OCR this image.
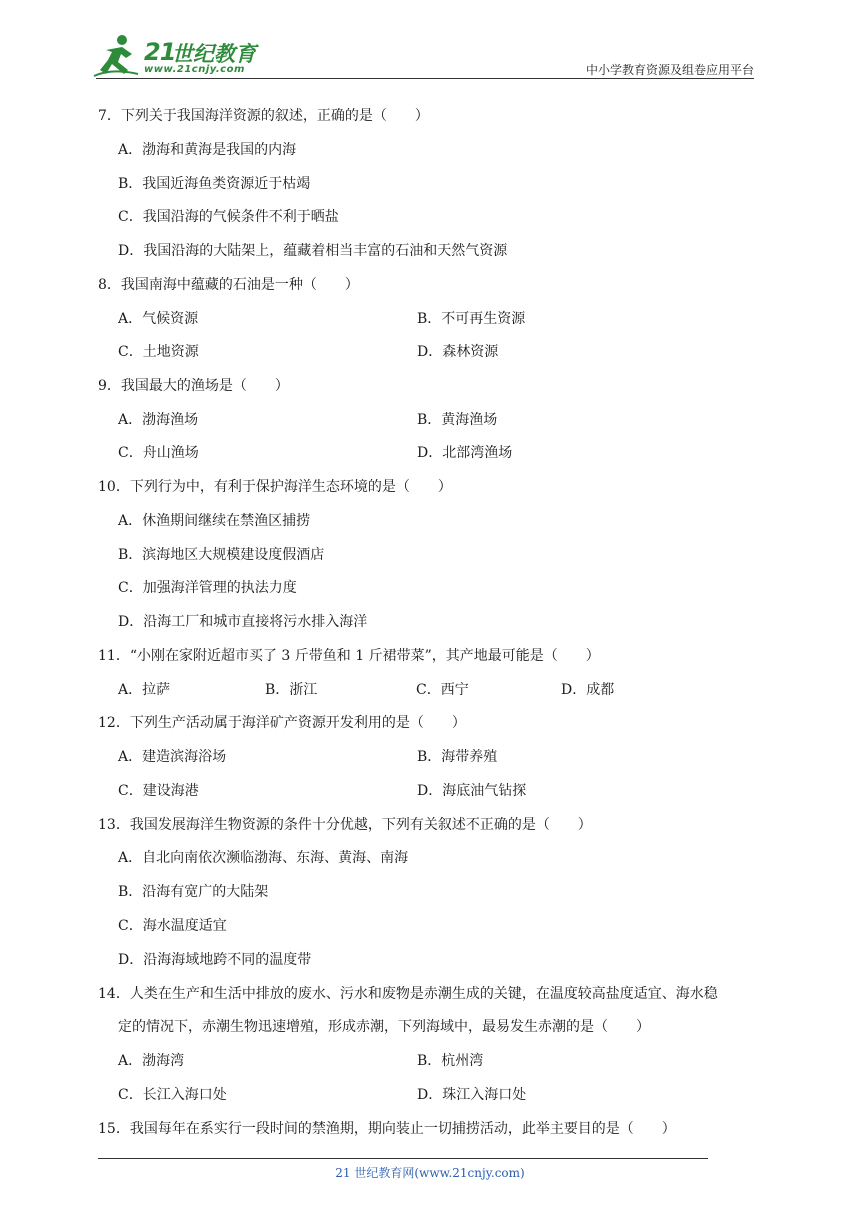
21
世纪教育
www.21cnjy.com	中小学教育资源及组卷应用平台
7．下列关于我国海洋资源的叙述，正确的是（　　）
A．渤海和黄海是我国的内海
B．我国近海鱼类资源近于枯竭
C．我国沿海的气候条件不利于晒盐
D．我国沿海的大陆架上，蕴藏着相当丰富的石油和天然气资源
8．我国南海中蕴藏的石油是一种（　　）
A．气候资源	B．不可再生资源
C．土地资源	D．森林资源
9．我国最大的渔场是（　　）
A．渤海渔场	B．黄海渔场
C．舟山渔场	D．北部湾渔场
10．下列行为中，有利于保护海洋生态环境的是（　　）
A．休渔期间继续在禁渔区捕捞
B．滨海地区大规模建设度假酒店
C．加强海洋管理的执法力度
D．沿海工厂和城市直接将污水排入海洋
11．“小刚在家附近超市买了 3 斤带鱼和 1 斤裙带菜”，其产地最可能是（　　）
A．拉萨	B．浙江	C．西宁	D．成都
12．下列生产活动属于海洋矿产资源开发利用的是（　　）
A．建造滨海浴场	B．海带养殖
C．建设海港	D．海底油气钻探
13．我国发展海洋生物资源的条件十分优越，下列有关叙述不正确的是（　　）
A．自北向南依次濒临渤海、东海、黄海、南海
B．沿海有宽广的大陆架
C．海水温度适宜
D．沿海海域地跨不同的温度带
14．人类在生产和生活中排放的废水、污水和废物是赤潮生成的关键，在温度较高盐度适宜、海水稳
定的情况下，赤潮生物迅速增殖，形成赤潮，下列海域中，最易发生赤潮的是（　　）
A．渤海湾	B．杭州湾
C．长江入海口处	D．珠江入海口处
15．我国每年在系实行一段时间的禁渔期，期向装止一切捕捞活动，此举主要目的是（　　）
21 世纪教育网(www.21cnjy.com)
